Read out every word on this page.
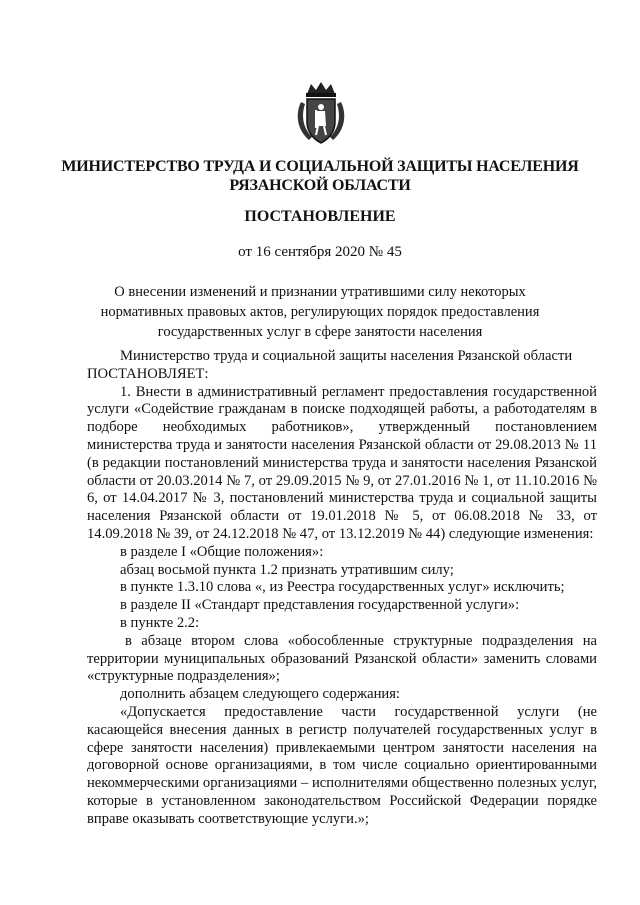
МИНИСТЕРСТВО ТРУДА И СОЦИАЛЬНОЙ ЗАЩИТЫ НАСЕЛЕНИЯ
РЯЗАНСКОЙ ОБЛАСТИ
ПОСТАНОВЛЕНИЕ
от 16 сентября 2020 № 45
О внесении изменений и признании утратившими силу некоторых нормативных правовых актов, регулирующих порядок предоставления государственных услуг в сфере занятости населения

Министерство труда и социальной защиты населения Рязанской области

ПОСТАНОВЛЯЕТ:

1. Внести в административный регламент предоставления государственной услуги «Содействие гражданам в поиске подходящей работы, а работодателям в подборе необходимых работников», утвержденный постановлением министерства труда и занятости населения Рязанской области от 29.08.2013 № 11 (в редакции постановлений министерства труда и занятости населения Рязанской области от 20.03.2014 № 7, от 29.09.2015 № 9, от 27.01.2016 № 1, от 11.10.2016 № 6, от 14.04.2017 № 3, постановлений министерства труда и социальной защиты населения Рязанской области от 19.01.2018 № 5, от 06.08.2018 № 33, от 14.09.2018 № 39, от 24.12.2018 № 47, от 13.12.2019 № 44) следующие изменения:

в разделе I «Общие положения»:

абзац восьмой пункта 1.2 признать утратившим силу;

в пункте 1.3.10 слова «, из Реестра государственных услуг» исключить;

в разделе II «Стандарт представления государственной услуги»:

в пункте 2.2:

в абзаце втором слова «обособленные структурные подразделения на территории муниципальных образований Рязанской области» заменить словами «структурные подразделения»;

дополнить абзацем следующего содержания:

«Допускается предоставление части государственной услуги (не касающейся внесения данных в регистр получателей государственных услуг в сфере занятости населения) привлекаемыми центром занятости населения на договорной основе организациями, в том числе социально ориентированными некоммерческими организациями – исполнителями общественно полезных услуг, которые в установленном законодательством Российской Федерации порядке вправе оказывать соответствующие услуги.»;
